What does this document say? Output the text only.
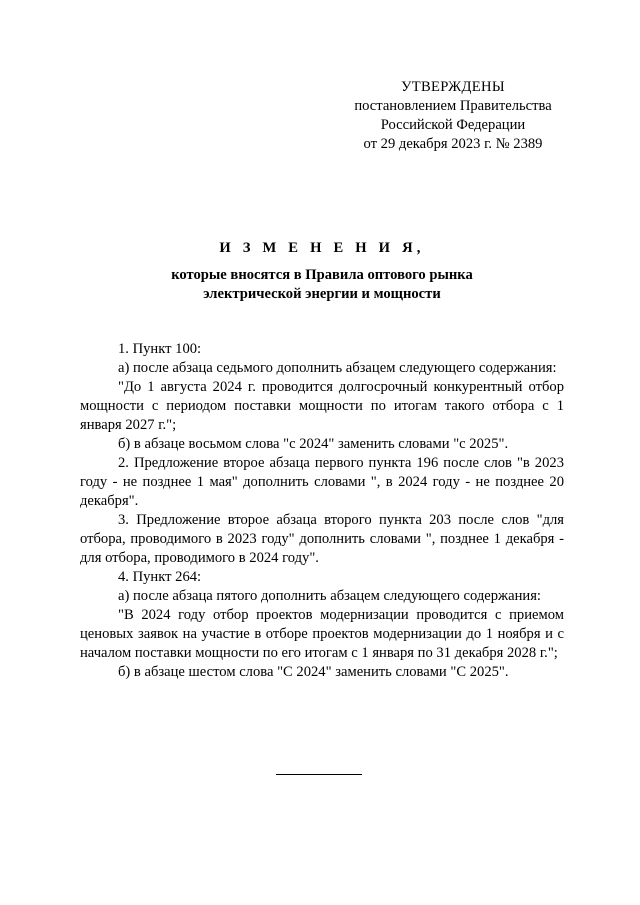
УТВЕРЖДЕНЫ
постановлением Правительства
Российской Федерации
от 29 декабря 2023 г. № 2389
И З М Е Н Е Н И Я,
которые вносятся в Правила оптового рынка
электрической энергии и мощности

1. Пункт 100:

а) после абзаца седьмого дополнить абзацем следующего содержания:

"До 1 августа 2024 г. проводится долгосрочный конкурентный отбор мощности с периодом поставки мощности по итогам такого отбора с 1 января 2027 г.";

б) в абзаце восьмом слова "с 2024" заменить словами "с 2025".

2. Предложение второе абзаца первого пункта 196 после слов "в 2023 году - не позднее 1 мая" дополнить словами ", в 2024 году - не позднее 20 декабря".

3. Предложение второе абзаца второго пункта 203 после слов "для отбора, проводимого в 2023 году" дополнить словами ", позднее 1 декабря - для отбора, проводимого в 2024 году".

4. Пункт 264:

а) после абзаца пятого дополнить абзацем следующего содержания:

"В 2024 году отбор проектов модернизации проводится с приемом ценовых заявок на участие в отборе проектов модернизации до 1 ноября и с началом поставки мощности по его итогам с 1 января по 31 декабря 2028 г.";

б) в абзаце шестом слова "С 2024" заменить словами "С 2025".
